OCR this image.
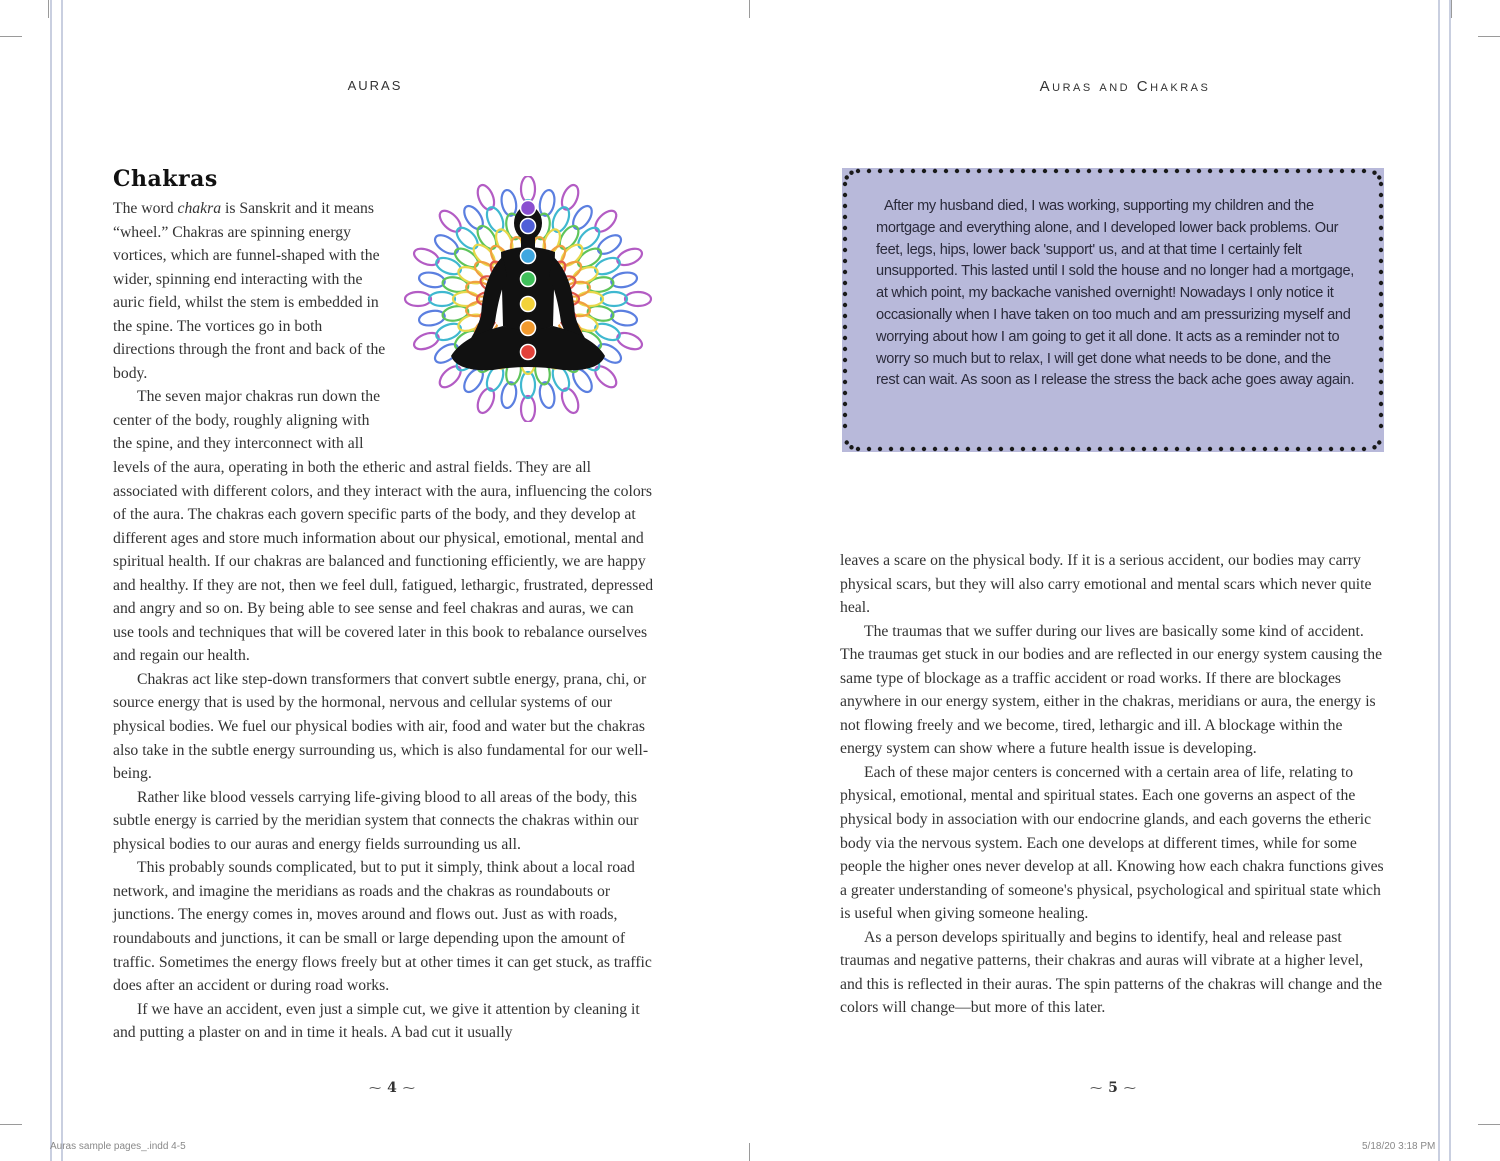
AURAS
Chakras

The word chakra is Sanskrit and it means “wheel.” Chakras are spinning energy vortices, which are funnel-shaped with the wider, spinning end interacting with the auric field, whilst the stem is embedded in the spine. The vortices go in both directions through the front and back of the body.

The seven major chakras run down the center of the body, roughly aligning with the spine, and they interconnect with all levels of the aura, operating in both the etheric and astral fields. They are all associated with different colors, and they interact with the aura, influencing the colors of the aura. The chakras each govern specific parts of the body, and they develop at different ages and store much information about our physical, emotional, mental and spiritual health. If our chakras are balanced and functioning efficiently, we are happy and healthy. If they are not, then we feel dull, fatigued, lethargic, frustrated, depressed and angry and so on. By being able to see sense and feel chakras and auras, we can use tools and techniques that will be covered later in this book to rebalance ourselves and regain our health.

Chakras act like step-down transformers that convert subtle energy, prana, chi, or source energy that is used by the hormonal, nervous and cellular systems of our physical bodies. We fuel our physical bodies with air, food and water but the chakras also take in the subtle energy surrounding us, which is also fundamental for our well-being.

Rather like blood vessels carrying life-giving blood to all areas of the body, this subtle energy is carried by the meridian system that connects the chakras within our physical bodies to our auras and energy fields surrounding us all.

This probably sounds complicated, but to put it simply, think about a local road network, and imagine the meridians as roads and the chakras as roundabouts or junctions. The energy comes in, moves around and flows out. Just as with roads, roundabouts and junctions, it can be small or large depending upon the amount of traffic. Sometimes the energy flows freely but at other times it can get stuck, as traffic does after an accident or during road works.

If we have an accident, even just a simple cut, we give it attention by cleaning it and putting a plaster on and in time it heals. A bad cut it usually

Auras and Chakras

After my husband died, I was working, supporting my children and the mortgage and everything alone, and I developed lower back problems. Our feet, legs, hips, lower back 'support' us, and at that time I certainly felt unsupported. This lasted until I sold the house and no longer had a mortgage, at which point, my backache vanished overnight! Nowadays I only notice it occasionally when I have taken on too much and am pressurizing myself and worrying about how I am going to get it all done. It acts as a reminder not to worry so much but to relax, I will get done what needs to be done, and the rest can wait. As soon as I release the stress the back ache goes away again.

leaves a scare on the physical body. If it is a serious accident, our bodies may carry physical scars, but they will also carry emotional and mental scars which never quite heal.

The traumas that we suffer during our lives are basically some kind of accident. The traumas get stuck in our bodies and are reflected in our energy system causing the same type of blockage as a traffic accident or road works. If there are blockages anywhere in our energy system, either in the chakras, meridians or aura, the energy is not flowing freely and we become, tired, lethargic and ill. A blockage within the energy system can show where a future health issue is developing.

Each of these major centers is concerned with a certain area of life, relating to physical, emotional, mental and spiritual states. Each one governs an aspect of the physical body in association with our endocrine glands, and each governs the etheric body via the nervous system. Each one develops at different times, while for some people the higher ones never develop at all. Knowing how each chakra functions gives a greater understanding of someone's physical, psychological and spiritual state which is useful when giving someone healing.

As a person develops spiritually and begins to identify, heal and release past traumas and negative patterns, their chakras and auras will vibrate at a higher level, and this is reflected in their auras. The spin patterns of the chakras will change and the colors will change—but more of this later.

⁓ 4 ⁓	⁓ 5 ⁓
Auras sample pages_.indd 4-5	5/18/20 3:18 PM
